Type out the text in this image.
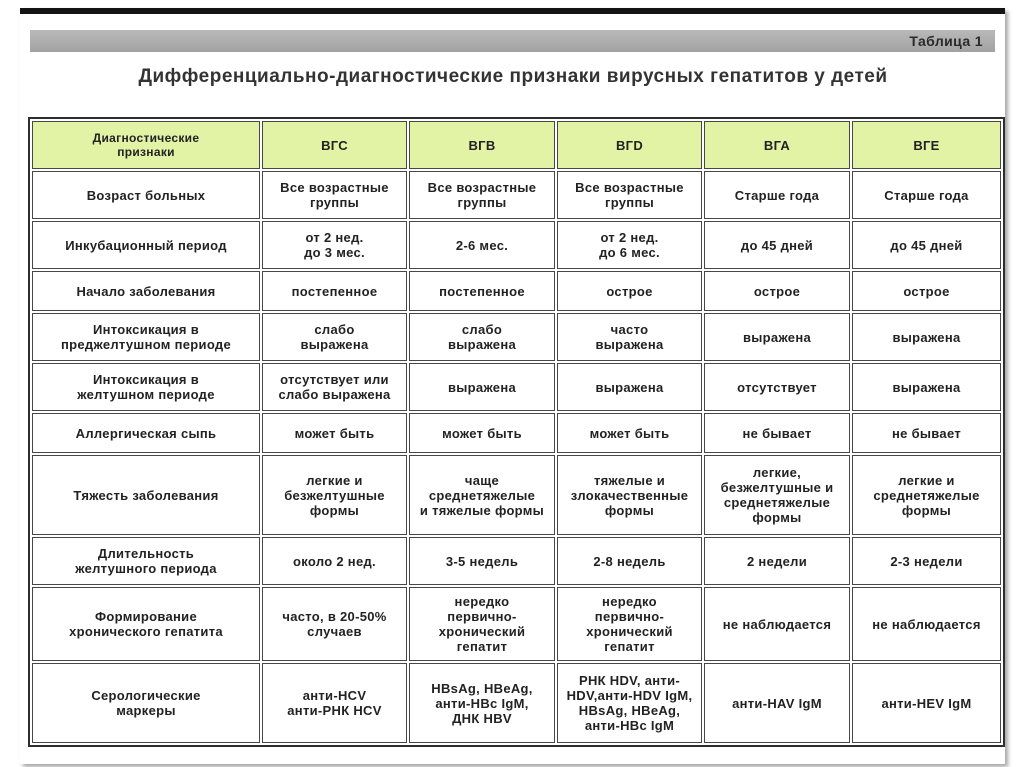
Таблица 1
Дифференциально-диагностические признаки вирусных гепатитов у детей
Диагностические
признаки	ВГС	ВГВ	ВГD	ВГА	ВГЕ
Возраст больных	Все возрастные
группы	Все возрастные
группы	Все возрастные
группы	Старше года	Старше года
Инкубационный период	от 2 нед.
до 3 мес.	2-6 мес.	от 2 нед.
до 6 мес.	до 45 дней	до 45 дней
Начало заболевания	постепенное	постепенное	острое	острое	острое
Интоксикация в
преджелтушном периоде	слабо
выражена	слабо
выражена	часто
выражена	выражена	выражена
Интоксикация в
желтушном периоде	отсутствует или
слабо выражена	выражена	выражена	отсутствует	выражена
Аллергическая сыпь	может быть	может быть	может быть	не бывает	не бывает
Тяжесть заболевания	легкие и
безжелтушные
формы	чаще
среднетяжелые
и тяжелые формы	тяжелые и
злокачественные
формы	легкие,
безжелтушные и
среднетяжелые
формы	легкие и
среднетяжелые
формы
Длительность
желтушного периода	около 2 нед.	3-5 недель	2-8 недель	2 недели	2-3 недели
Формирование
хронического гепатита	часто, в 20-50%
случаев	нередко
первично-
хронический
гепатит	нередко
первично-
хронический
гепатит	не наблюдается	не наблюдается
Серологические
маркеры	анти-HCV
анти-РНК HCV	HBsAg, HBeAg,
анти-HBc IgM,
ДНК HBV	РНК HDV, анти-
HDV,анти-HDV IgM,
HBsAg, HBeAg,
анти-HBc IgM	анти-HAV IgM	анти-HEV IgM
